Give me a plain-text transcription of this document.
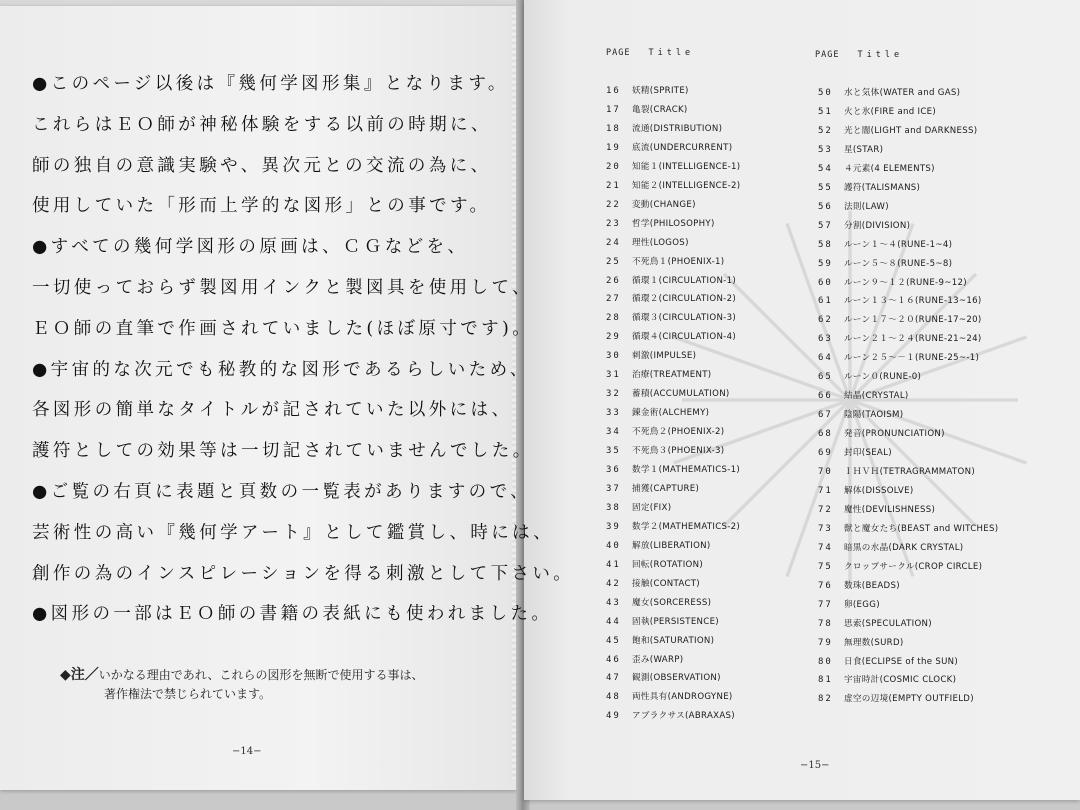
●このページ以後は『幾何学図形集』となります。
これらはＥＯ師が神秘体験をする以前の時期に、
師の独自の意識実験や、異次元との交流の為に、
使用していた「形而上学的な図形」との事です。
●すべての幾何学図形の原画は、ＣＧなどを、
一切使っておらず製図用インクと製図具を使用して、
ＥＯ師の直筆で作画されていました(ほぼ原寸です)。
●宇宙的な次元でも秘教的な図形であるらしいため、
各図形の簡単なタイトルが記されていた以外には、
護符としての効果等は一切記されていませんでした。
●ご覧の右頁に表題と頁数の一覧表がありますので、
芸術性の高い『幾何学アート』として鑑賞し、時には、
創作の為のインスピレーションを得る刺激として下さい。
●図形の一部はＥＯ師の書籍の表紙にも使われました。
◆注／いかなる理由であれ、これらの図形を無断で使用する事は、
著作権法で禁じられています。
−14−
PAGE Title	PAGE Title
16 妖精(SPRITE)
17 亀裂(CRACK)
18 流通(DISTRIBUTION)
19 底流(UNDERCURRENT)
20 知能１(INTELLIGENCE-1)
21 知能２(INTELLIGENCE-2)
22 変動(CHANGE)
23 哲学(PHILOSOPHY)
24 理性(LOGOS)
25 不死鳥１(PHOENIX-1)
26 循環１(CIRCULATION-1)
27 循環２(CIRCULATION-2)
28 循環３(CIRCULATION-3)
29 循環４(CIRCULATION-4)
30 刺激(IMPULSE)
31 治療(TREATMENT)
32 蓄積(ACCUMULATION)
33 錬金術(ALCHEMY)
34 不死鳥２(PHOENIX-2)
35 不死鳥３(PHOENIX-3)
36 数学１(MATHEMATICS-1)
37 捕獲(CAPTURE)
38 固定(FIX)
39 数学２(MATHEMATICS-2)
40 解放(LIBERATION)
41 回転(ROTATION)
42 接触(CONTACT)
43 魔女(SORCERESS)
44 固執(PERSISTENCE)
45 飽和(SATURATION)
46 歪み(WARP)
47 観測(OBSERVATION)
48 両性具有(ANDROGYNE)
49 アブラクサス(ABRAXAS)
50 水と気体(WATER and GAS)
51 火と氷(FIRE and ICE)
52 光と闇(LIGHT and DARKNESS)
53 星(STAR)
54 ４元素(4 ELEMENTS)
55 護符(TALISMANS)
56 法則(LAW)
57 分割(DIVISION)
58 ルーン１～４(RUNE-1~4)
59 ルーン５～８(RUNE-5~8)
60 ルーン９～１２(RUNE-9~12)
61 ルーン１３～１６(RUNE-13~16)
62 ルーン１７～２０(RUNE-17~20)
63 ルーン２１～２４(RUNE-21~24)
64 ルーン２５～－１(RUNE-25~-1)
65 ルーン０(RUNE-0)
66 結晶(CRYSTAL)
67 陰陽(TAOISM)
68 発音(PRONUNCIATION)
69 封印(SEAL)
70 ＩＨＶＨ(TETRAGRAMMATON)
71 解体(DISSOLVE)
72 魔性(DEVILISHNESS)
73 獣と魔女たち(BEAST and WITCHES)
74 暗黒の水晶(DARK CRYSTAL)
75 クロップサークル(CROP CIRCLE)
76 数珠(BEADS)
77 卵(EGG)
78 思索(SPECULATION)
79 無理数(SURD)
80 日食(ECLIPSE of the SUN)
81 宇宙時計(COSMIC CLOCK)
82 虚空の辺境(EMPTY OUTFIELD)
−15−
